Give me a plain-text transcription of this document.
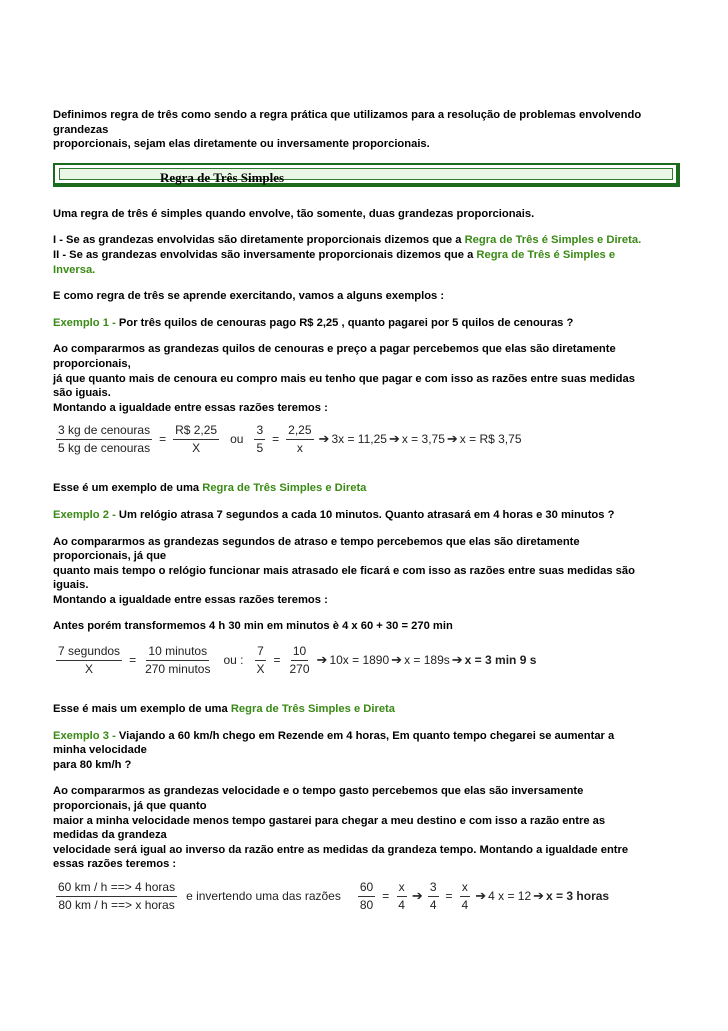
Definimos regra de três como sendo a regra prática que utilizamos para a resolução de problemas envolvendo

grandezas

proporcionais, sejam elas diretamente ou inversamente proporcionais.

Regra de Três Simples

Uma regra de três é simples quando envolve, tão somente, duas grandezas proporcionais.

I - Se as grandezas envolvidas são diretamente proporcionais dizemos que a Regra de Três é Simples e Direta.

II - Se as grandezas envolvidas são inversamente proporcionais dizemos que a Regra de Três é Simples e

Inversa.

E como regra de três se aprende exercitando, vamos a alguns exemplos :

Exemplo 1 - Por três quilos de cenouras pago R$ 2,25 , quanto pagarei por 5 quilos de cenouras ?

Ao compararmos as grandezas quilos de cenouras e preço a pagar percebemos que elas são diretamente

proporcionais,

já que quanto mais de cenoura eu compro mais eu tenho que pagar e com isso as razões entre suas medidas

são iguais.

Montando a igualdade entre essas razões teremos :

$\frac{\text{3 kg de cenouras}}{\text{5 kg de cenouras}} = \frac{R\$ 2,25}{X}$ ou $\frac{3}{5} = \frac{2,25}{x}$ ➔ 3x = 11,25 ➔ x = 3,75 ➔ x = R$ 3,75

Esse é um exemplo de uma Regra de Três Simples e Direta

Exemplo 2 - Um relógio atrasa 7 segundos a cada 10 minutos. Quanto atrasará em 4 horas e 30 minutos ?

Ao compararmos as grandezas segundos de atraso e tempo percebemos que elas são diretamente

proporcionais, já que

quanto mais tempo o relógio funcionar mais atrasado ele ficará e com isso as razões entre suas medidas são

iguais.

Montando a igualdade entre essas razões teremos :

Antes porém transformemos 4 h 30 min em minutos è 4 x 60 + 30 = 270 min

$\frac{\text{7 segundos}}{X} = \frac{\text{10 minutos}}{\text{270 minutos}}$ ou : $\frac{7}{X} = \frac{10}{270}$ ➔ 10x = 1890 ➔ x = 189s ➔ x = 3 min 9 s

Esse é mais um exemplo de uma Regra de Três Simples e Direta

Exemplo 3 - Viajando a 60 km/h chego em Rezende em 4 horas, Em quanto tempo chegarei se aumentar a

minha velocidade

para 80 km/h ?

Ao compararmos as grandezas velocidade e o tempo gasto percebemos que elas são inversamente

proporcionais, já que quanto

maior a minha velocidade menos tempo gastarei para chegar a meu destino e com isso a razão entre as

medidas da grandeza

velocidade será igual ao inverso da razão entre as medidas da grandeza tempo. Montando a igualdade entre

essas razões teremos :

$\frac{\text{60 km / h ==> 4 horas}}{\text{80 km / h ==> x horas}}$ e invertendo uma das razões $\frac{60}{80} = \frac{x}{4}$ ➔ $\frac{3}{4} = \frac{x}{4}$ ➔ 4 x = 12 ➔ x = 3 horas
